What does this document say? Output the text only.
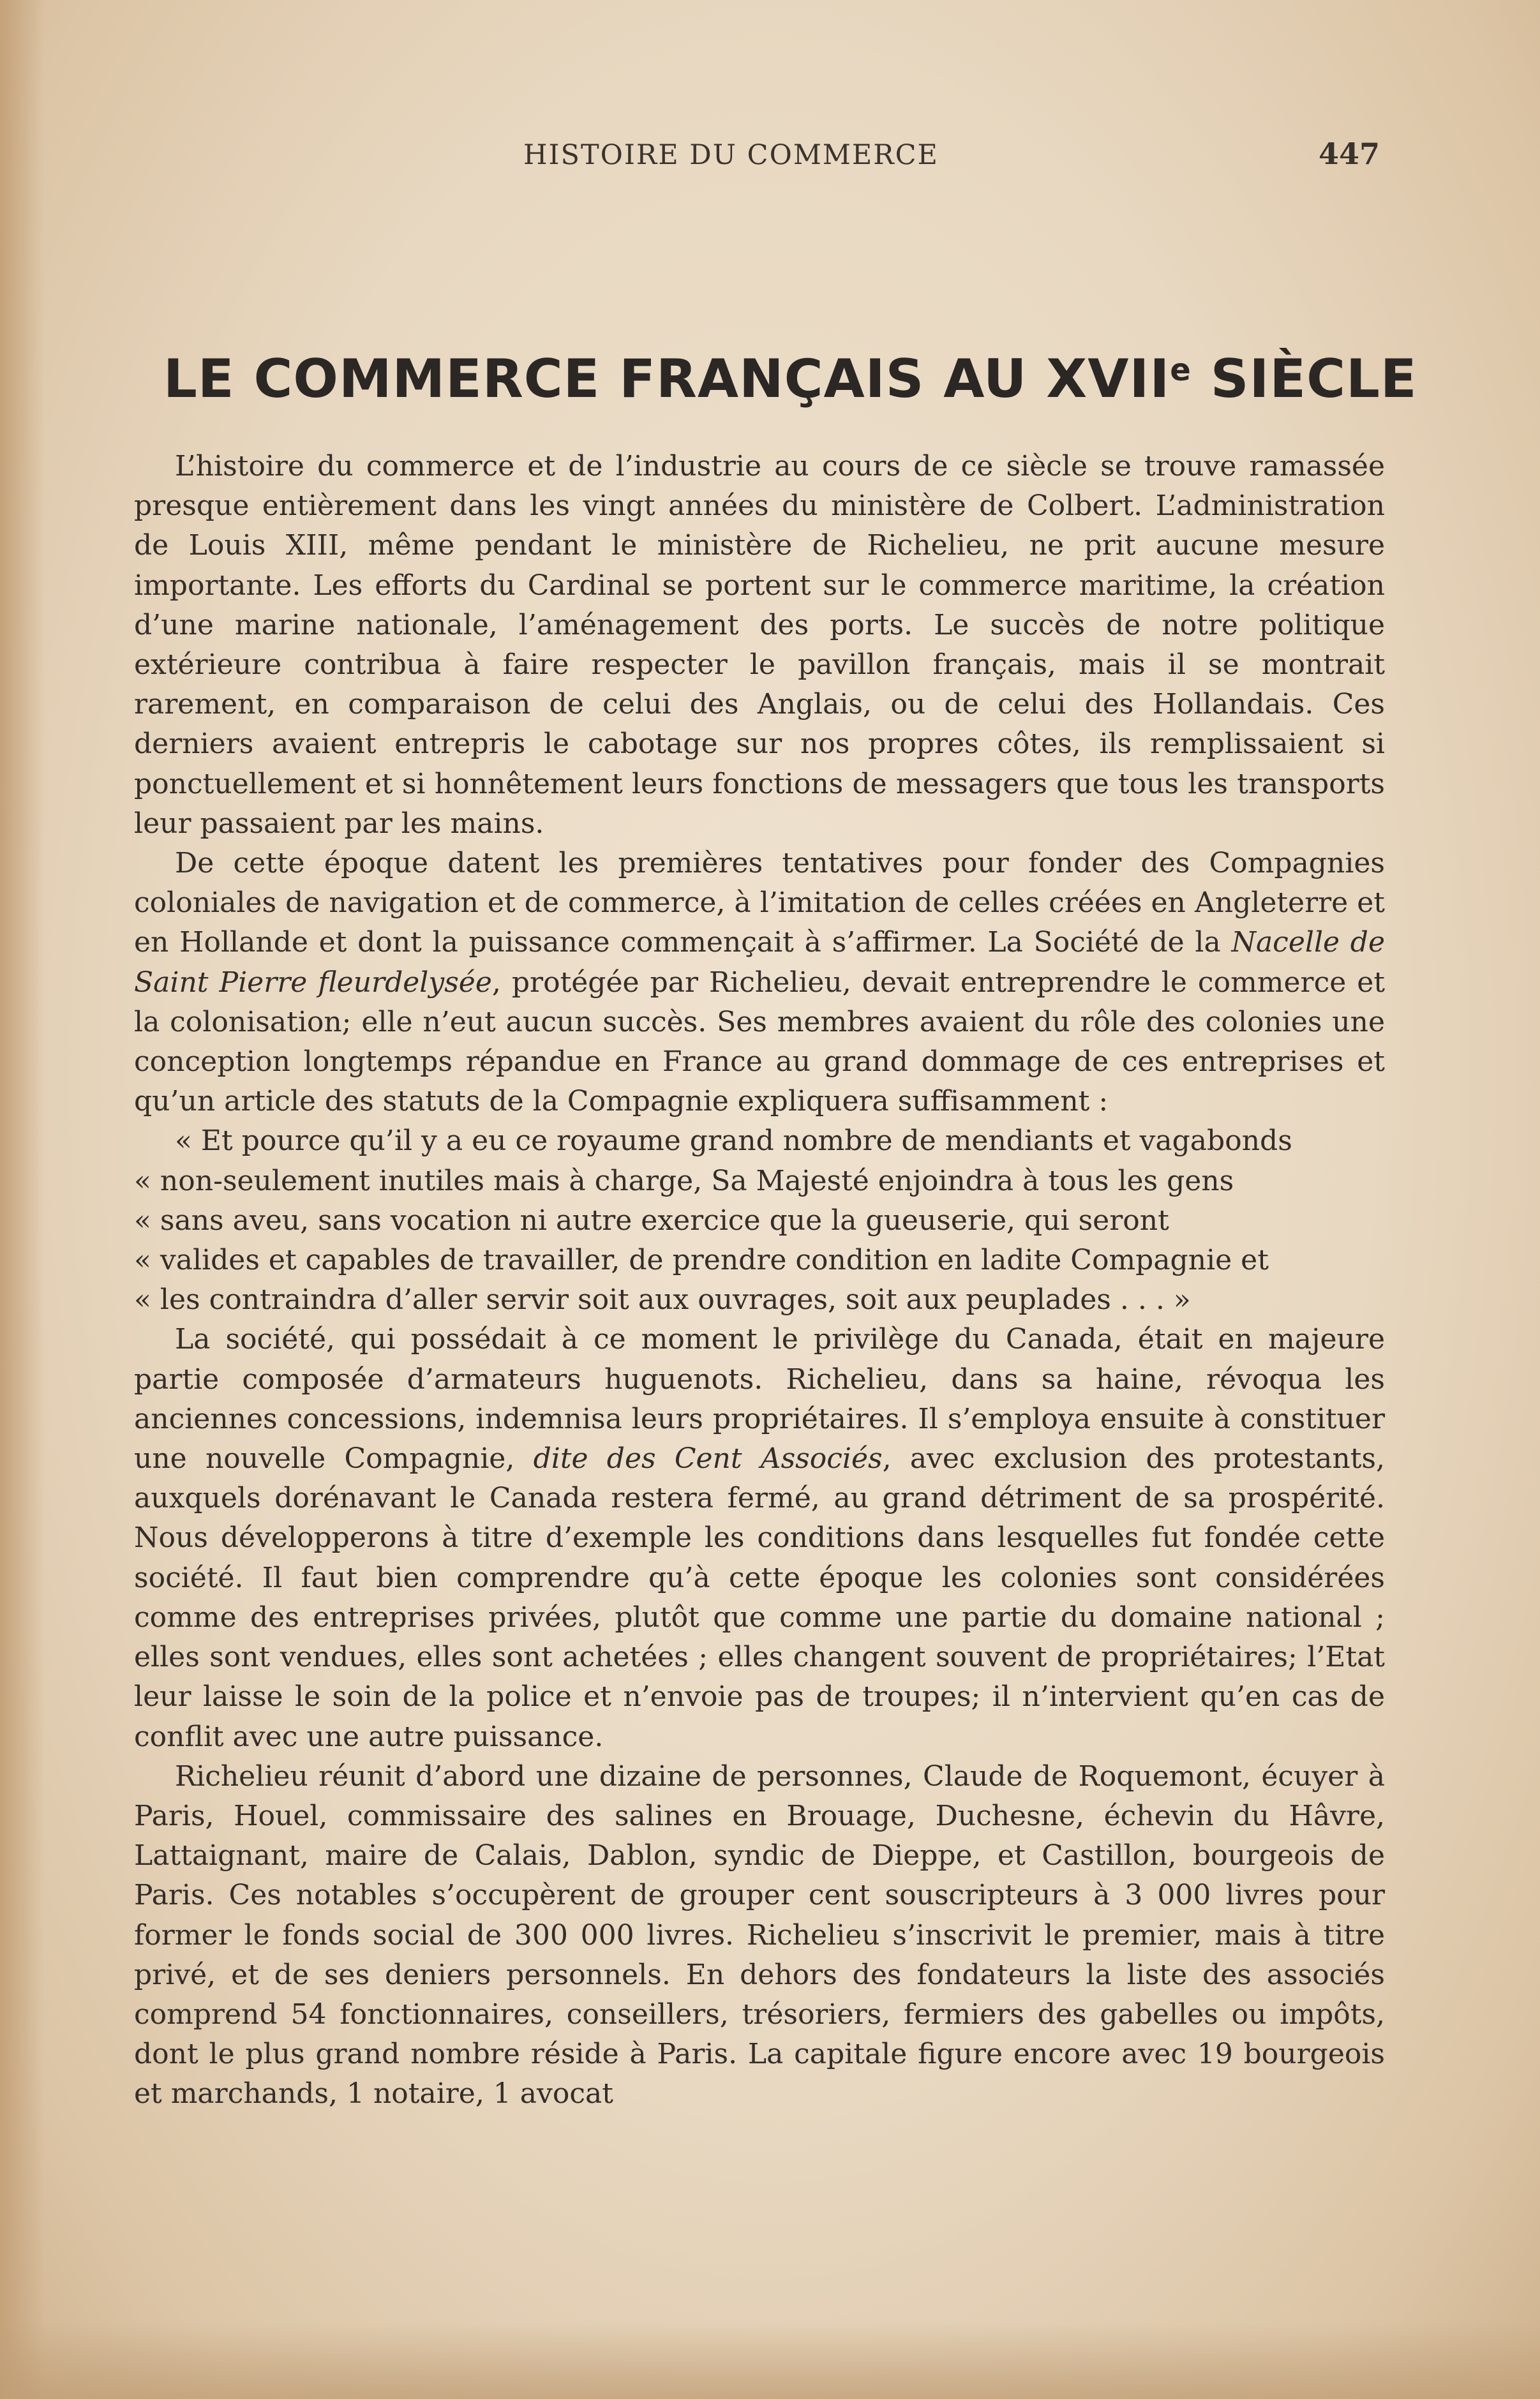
HISTOIRE DU COMMERCE	447
LE COMMERCE FRANÇAIS AU XVIIe SIÈCLE

L’histoire du commerce et de l’industrie au cours de ce siècle se trouve ramassée presque entièrement dans les vingt années du ministère de Colbert. L’administration de Louis XIII, même pendant le ministère de Richelieu, ne prit aucune mesure importante. Les efforts du Cardinal se portent sur le commerce maritime, la création d’une marine nationale, l’aménagement des ports. Le succès de notre politique extérieure contribua à faire respecter le pavillon français, mais il se montrait rarement, en comparaison de celui des Anglais, ou de celui des Hollandais. Ces derniers avaient entrepris le cabotage sur nos propres côtes, ils remplissaient si ponctuellement et si honnêtement leurs fonctions de messagers que tous les transports leur passaient par les mains.

De cette époque datent les premières tentatives pour fonder des Compagnies coloniales de navigation et de commerce, à l’imitation de celles créées en Angleterre et en Hollande et dont la puissance commençait à s’affirmer. La Société de la Nacelle de Saint Pierre fleurdelysée, protégée par Richelieu, devait entreprendre le commerce et la colonisation; elle n’eut aucun succès. Ses membres avaient du rôle des colonies une conception longtemps répandue en France au grand dommage de ces entreprises et qu’un article des statuts de la Compagnie expliquera suffisamment :

« Et pource qu’il y a eu ce royaume grand nombre de mendiants et vagabonds

« non-seulement inutiles mais à charge, Sa Majesté enjoindra à tous les gens

« sans aveu, sans vocation ni autre exercice que la gueuserie, qui seront

« valides et capables de travailler, de prendre condition en ladite Compagnie et

« les contraindra d’aller servir soit aux ouvrages, soit aux peuplades . . . »

La société, qui possédait à ce moment le privilège du Canada, était en majeure partie composée d’armateurs huguenots. Richelieu, dans sa haine, révoqua les anciennes concessions, indemnisa leurs propriétaires. Il s’employa ensuite à constituer une nouvelle Compagnie, dite des Cent Associés, avec exclusion des protestants, auxquels dorénavant le Canada restera fermé, au grand détriment de sa prospérité. Nous développerons à titre d’exemple les conditions dans lesquelles fut fondée cette société. Il faut bien comprendre qu’à cette époque les colonies sont considérées comme des entreprises privées, plutôt que comme une partie du domaine national ; elles sont vendues, elles sont achetées ; elles changent souvent de propriétaires; l’Etat leur laisse le soin de la police et n’envoie pas de troupes; il n’intervient qu’en cas de conflit avec une autre puissance.

Richelieu réunit d’abord une dizaine de personnes, Claude de Roquemont, écuyer à Paris, Houel, commissaire des salines en Brouage, Duchesne, échevin du Hâvre, Lattaignant, maire de Calais, Dablon, syndic de Dieppe, et Castillon, bourgeois de Paris. Ces notables s’occupèrent de grouper cent souscripteurs à 3 000 livres pour former le fonds social de 300 000 livres. Richelieu s’inscrivit le premier, mais à titre privé, et de ses deniers personnels. En dehors des fondateurs la liste des associés comprend 54 fonctionnaires, conseillers, trésoriers, fermiers des gabelles ou impôts, dont le plus grand nombre réside à Paris. La capitale figure encore avec 19 bourgeois et marchands, 1 notaire, 1 avocat
